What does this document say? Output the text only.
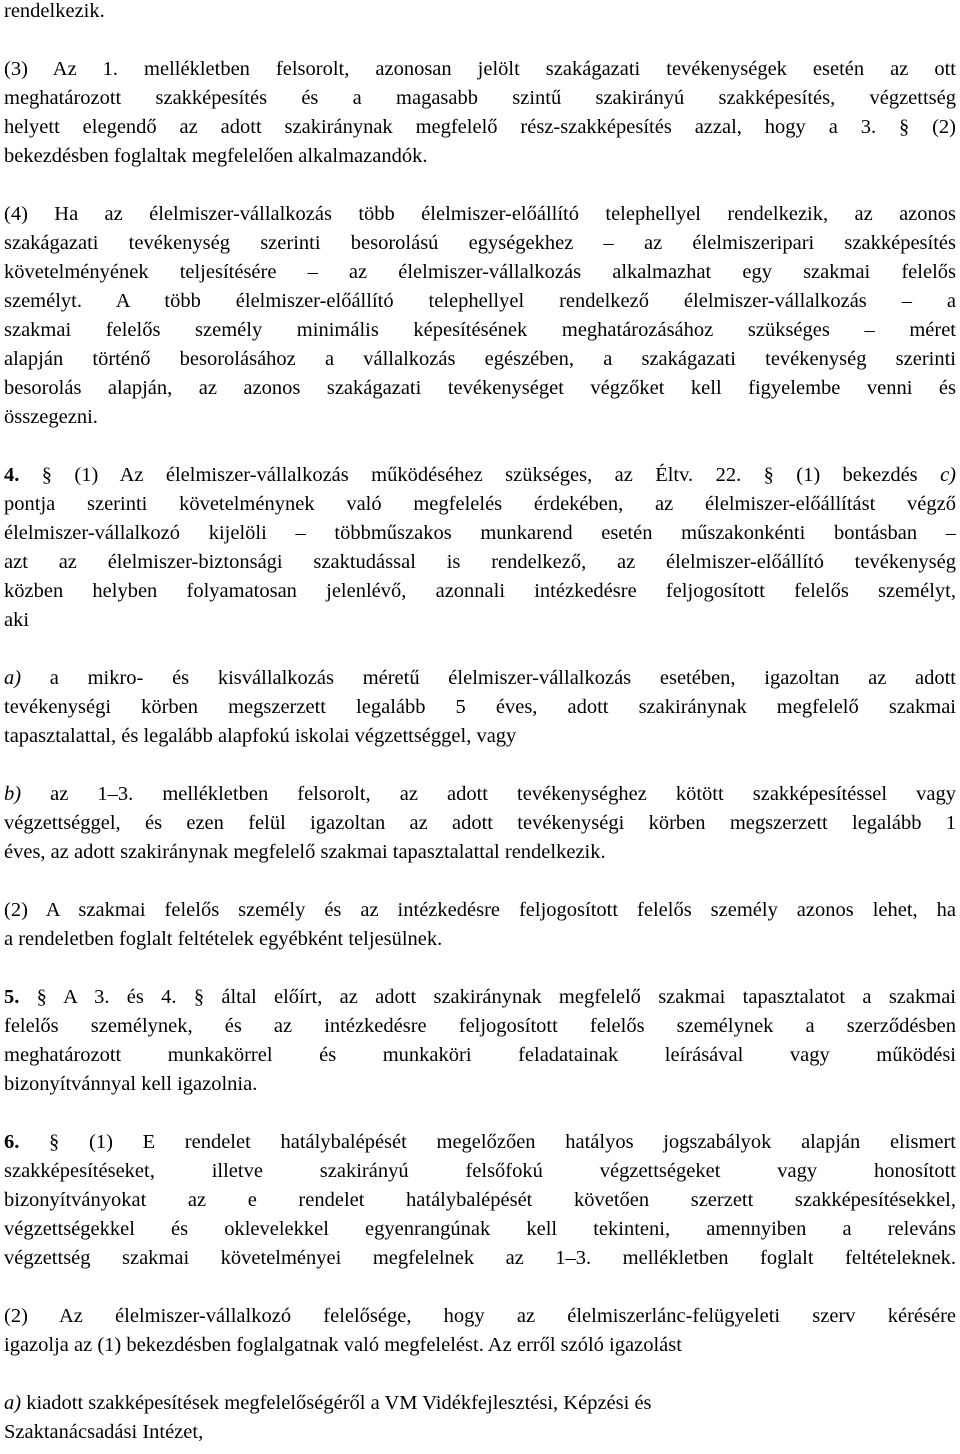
rendelkezik.
(3) Az 1. mellékletben felsorolt, azonosan jelölt szakágazati tevékenységek esetén az ott
meghatározott szakképesítés és a magasabb szintű szakirányú szakképesítés, végzettség
helyett elegendő az adott szakiránynak megfelelő rész-szakképesítés azzal, hogy a 3. § (2)
bekezdésben foglaltak megfelelően alkalmazandók.
(4) Ha az élelmiszer-vállalkozás több élelmiszer-előállító telephellyel rendelkezik, az azonos
szakágazati tevékenység szerinti besorolású egységekhez – az élelmiszeripari szakképesítés
követelményének teljesítésére – az élelmiszer-vállalkozás alkalmazhat egy szakmai felelős
személyt. A több élelmiszer-előállító telephellyel rendelkező élelmiszer-vállalkozás – a
szakmai felelős személy minimális képesítésének meghatározásához szükséges – méret
alapján történő besorolásához a vállalkozás egészében, a szakágazati tevékenység szerinti
besorolás alapján, az azonos szakágazati tevékenységet végzőket kell figyelembe venni és
összegezni.
4. § (1) Az élelmiszer-vállalkozás működéséhez szükséges, az Éltv. 22. § (1) bekezdés c)
pontja szerinti követelménynek való megfelelés érdekében, az élelmiszer-előállítást végző
élelmiszer-vállalkozó kijelöli – többműszakos munkarend esetén műszakonkénti bontásban –
azt az élelmiszer-biztonsági szaktudással is rendelkező, az élelmiszer-előállító tevékenység
közben helyben folyamatosan jelenlévő, azonnali intézkedésre feljogosított felelős személyt,
aki
a) a mikro- és kisvállalkozás méretű élelmiszer-vállalkozás esetében, igazoltan az adott
tevékenységi körben megszerzett legalább 5 éves, adott szakiránynak megfelelő szakmai
tapasztalattal, és legalább alapfokú iskolai végzettséggel, vagy
b) az 1–3. mellékletben felsorolt, az adott tevékenységhez kötött szakképesítéssel vagy
végzettséggel, és ezen felül igazoltan az adott tevékenységi körben megszerzett legalább 1
éves, az adott szakiránynak megfelelő szakmai tapasztalattal rendelkezik.
(2) A szakmai felelős személy és az intézkedésre feljogosított felelős személy azonos lehet, ha
a rendeletben foglalt feltételek egyébként teljesülnek.
5. § A 3. és 4. § által előírt, az adott szakiránynak megfelelő szakmai tapasztalatot a szakmai
felelős személynek, és az intézkedésre feljogosított felelős személynek a szerződésben
meghatározott munkakörrel és munkaköri feladatainak leírásával vagy működési
bizonyítvánnyal kell igazolnia.
6. § (1) E rendelet hatálybalépését megelőzően hatályos jogszabályok alapján elismert
szakképesítéseket, illetve szakirányú felsőfokú végzettségeket vagy honosított
bizonyítványokat az e rendelet hatálybalépését követően szerzett szakképesítésekkel,
végzettségekkel és oklevelekkel egyenrangúnak kell tekinteni, amennyiben a releváns
végzettség szakmai követelményei megfelelnek az 1–3. mellékletben foglalt feltételeknek.
(2) Az élelmiszer-vállalkozó felelősége, hogy az élelmiszerlánc-felügyeleti szerv kérésére
igazolja az (1) bekezdésben foglalgatnak való megfelelést. Az erről szóló igazolást
a) kiadott szakképesítések megfelelőségéről a VM Vidékfejlesztési, Képzési és
Szaktanácsadási Intézet,
